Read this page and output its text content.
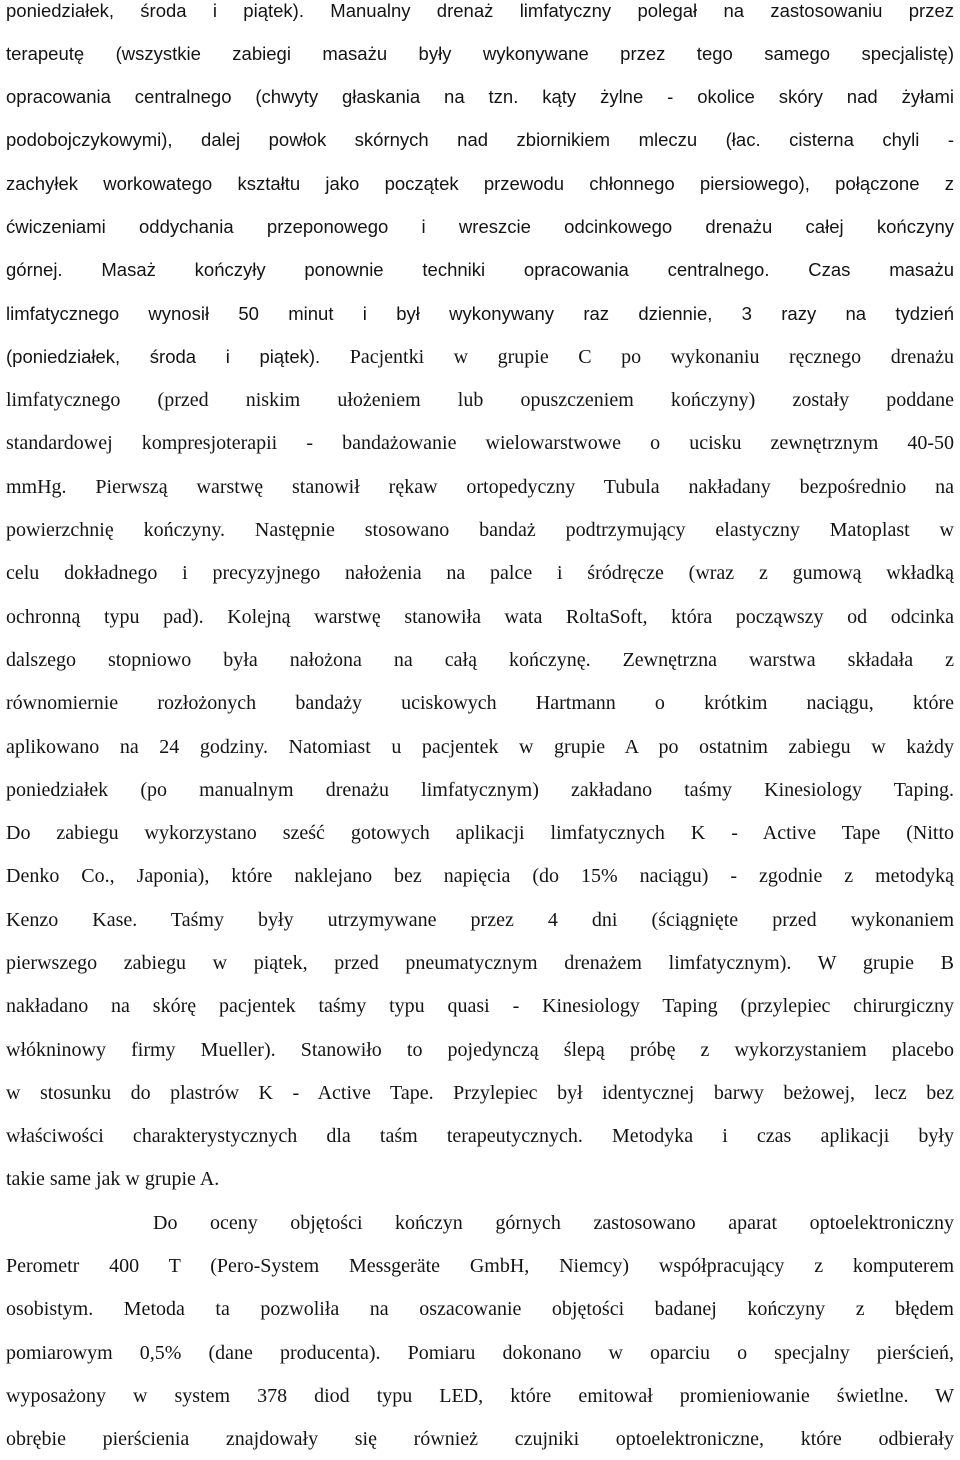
poniedziałek, środa i piątek). Manualny drenaż limfatyczny polegał na zastosowaniu przez
terapeutę (wszystkie zabiegi masażu były wykonywane przez tego samego specjalistę)
opracowania centralnego (chwyty głaskania na tzn. kąty żylne - okolice skóry nad żyłami
podobojczykowymi), dalej powłok skórnych nad zbiornikiem mleczu (łac. cisterna chyli -
zachyłek workowatego kształtu jako początek przewodu chłonnego piersiowego), połączone z
ćwiczeniami oddychania przeponowego i wreszcie odcinkowego drenażu całej kończyny
górnej. Masaż kończyły ponownie techniki opracowania centralnego. Czas masażu
limfatycznego wynosił 50 minut i był wykonywany raz dziennie, 3 razy na tydzień
(poniedziałek, środa i piątek). Pacjentki w grupie C po wykonaniu ręcznego drenażu
limfatycznego (przed niskim ułożeniem lub opuszczeniem kończyny) zostały poddane
standardowej kompresjoterapii - bandażowanie wielowarstwowe o ucisku zewnętrznym 40-50
mmHg. Pierwszą warstwę stanowił rękaw ortopedyczny Tubula nakładany bezpośrednio na
powierzchnię kończyny. Następnie stosowano bandaż podtrzymujący elastyczny Matoplast w
celu dokładnego i precyzyjnego nałożenia na palce i śródręcze (wraz z gumową wkładką
ochronną typu pad). Kolejną warstwę stanowiła wata RoltaSoft, która począwszy od odcinka
dalszego stopniowo była nałożona na całą kończynę. Zewnętrzna warstwa składała z
równomiernie rozłożonych bandaży uciskowych Hartmann o krótkim naciągu, które
aplikowano na 24 godziny. Natomiast u pacjentek w grupie A po ostatnim zabiegu w każdy
poniedziałek (po manualnym drenażu limfatycznym) zakładano taśmy Kinesiology Taping.
Do zabiegu wykorzystano sześć gotowych aplikacji limfatycznych K - Active Tape (Nitto
Denko Co., Japonia), które naklejano bez napięcia (do 15% naciągu) - zgodnie z metodyką
Kenzo Kase. Taśmy były utrzymywane przez 4 dni (ściągnięte przed wykonaniem
pierwszego zabiegu w piątek, przed pneumatycznym drenażem limfatycznym). W grupie B
nakładano na skórę pacjentek taśmy typu quasi - Kinesiology Taping (przylepiec chirurgiczny
włókninowy firmy Mueller). Stanowiło to pojedynczą ślepą próbę z wykorzystaniem placebo
w stosunku do plastrów K - Active Tape. Przylepiec był identycznej barwy beżowej, lecz bez
właściwości charakterystycznych dla taśm terapeutycznych. Metodyka i czas aplikacji były
takie same jak w grupie A.
Do oceny objętości kończyn górnych zastosowano aparat optoelektroniczny
Perometr 400 T (Pero-System Messgeräte GmbH, Niemcy) współpracujący z komputerem
osobistym. Metoda ta pozwoliła na oszacowanie objętości badanej kończyny z błędem
pomiarowym 0,5% (dane producenta). Pomiaru dokonano w oparciu o specjalny pierścień,
wyposażony w system 378 diod typu LED, które emitował promieniowanie świetlne. W
obrębie pierścienia znajdowały się również czujniki optoelektroniczne, które odbierały
